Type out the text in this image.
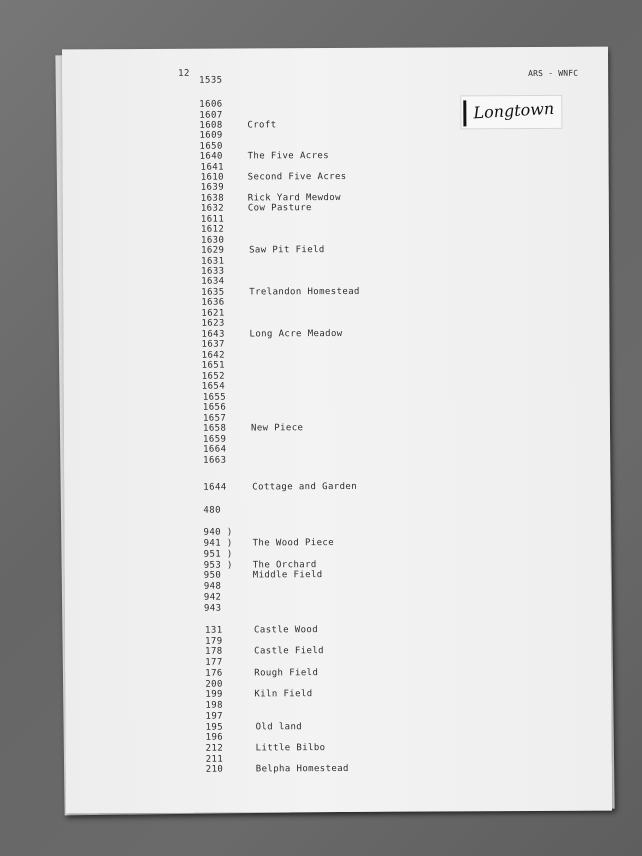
12	ARS - WNFC
Longtown
1535
1606
1607
1608	Croft
1609
1650
1640	The Five Acres
1641
1610	Second Five Acres
1639
1638	Rick Yard Mewdow
1632	Cow Pasture
1611
1612
1630
1629	Saw Pit Field
1631
1633
1634
1635	Trelandon Homestead
1636
1621
1623
1643	Long Acre Meadow
1637
1642
1651
1652
1654
1655
1656
1657
1658	New Piece
1659
1664
1663
1644	Cottage and Garden
480
940 )
941 ) The Wood Piece
951 )
953 ) The Orchard
950	Middle Field
948
942
943
131	Castle Wood
179
178	Castle Field
177
176	Rough Field
200
199	Kiln Field
198
197
195	Old land
196
212	Little Bilbo
211
210	Belpha Homestead
